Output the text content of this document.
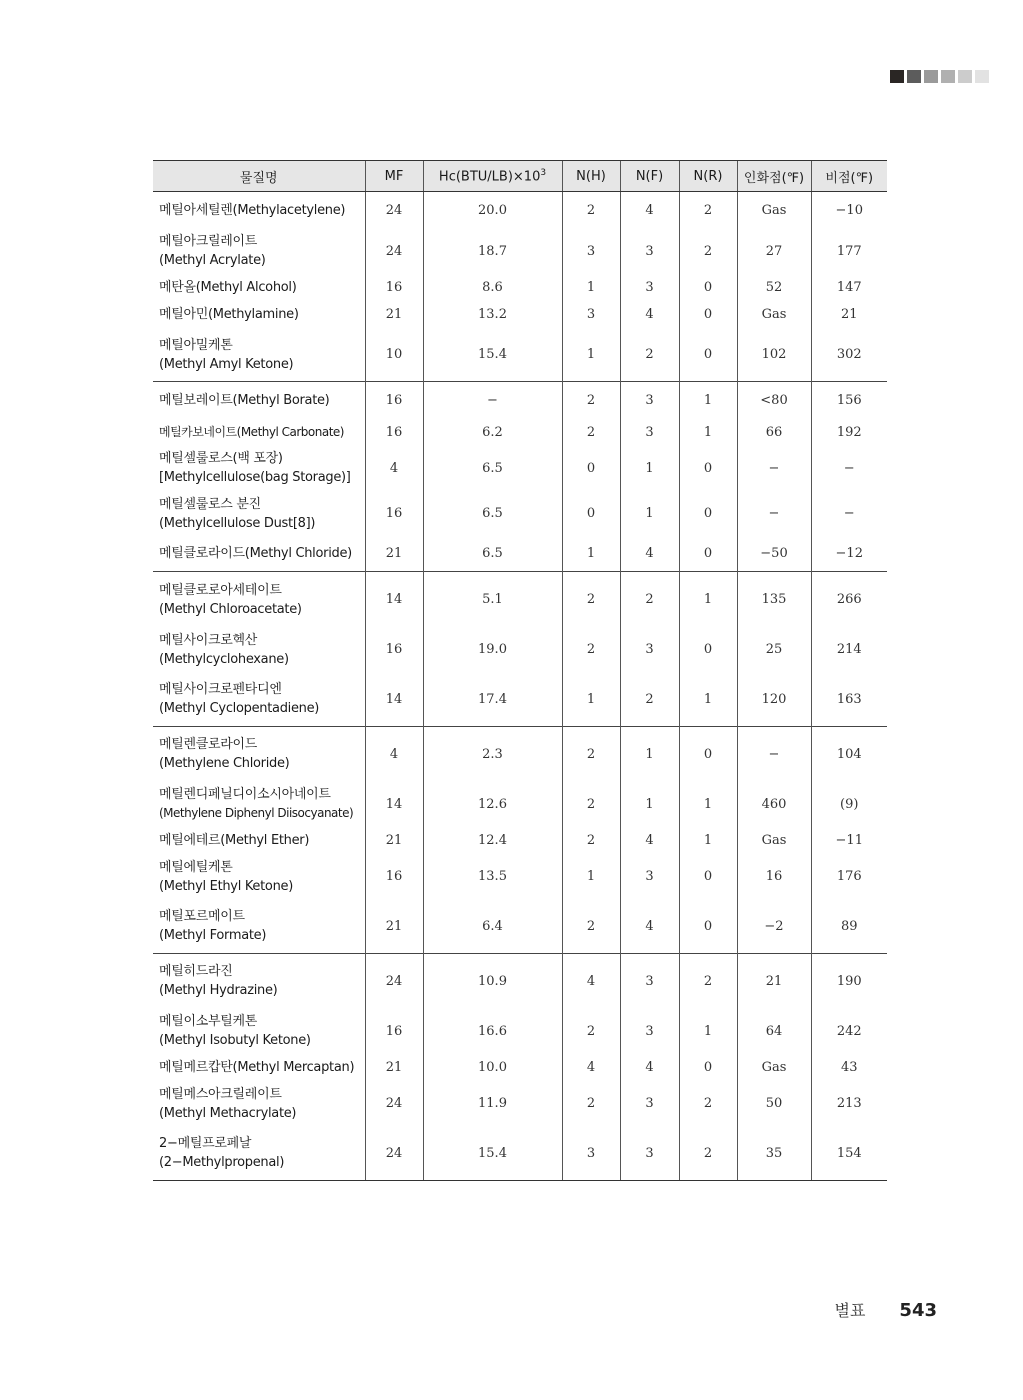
물질명	MF	$Hc(BTU/LB)\times 10^3$	N(H)	N(F)	N(R)	인화점(℉)	비점(℉)

메틸아세틸렌(Methylacetylene)	24	20.0	2	4	2	Gas	−10

메틸아크릴레이트
(Methyl Acrylate)	24	18.7	3	3	2	27	177

메탄올(Methyl Alcohol)	16	8.6	1	3	0	52	147

메틸아민(Methylamine)	21	13.2	3	4	0	Gas	21

메틸아밀케톤
(Methyl Amyl Ketone)	10	15.4	1	2	0	102	302

메틸보레이트(Methyl Borate)	16	−	2	3	1	<80	156

메틸카보네이트(Methyl Carbonate)	16	6.2	2	3	1	66	192

메틸셀룰로스(백 포장)
[Methylcellulose(bag Storage)]	4	6.5	0	1	0	−	−

메틸셀룰로스 분진
(Methylcellulose Dust[8])	16	6.5	0	1	0	−	−

메틸클로라이드(Methyl Chloride)	21	6.5	1	4	0	−50	−12

메틸클로로아세테이트
(Methyl Chloroacetate)	14	5.1	2	2	1	135	266

메틸사이크로헥산
(Methylcyclohexane)	16	19.0	2	3	0	25	214

메틸사이크로펜타디엔
(Methyl Cyclopentadiene)	14	17.4	1	2	1	120	163

메틸렌클로라이드
(Methylene Chloride)	4	2.3	2	1	0	−	104

메틸렌디페닐디이소시아네이트
(Methylene Diphenyl Diisocyanate)	14	12.6	2	1	1	460	(9)

메틸에테르(Methyl Ether)	21	12.4	2	4	1	Gas	−11

메틸에틸케톤
(Methyl Ethyl Ketone)	16	13.5	1	3	0	16	176

메틸포르메이트
(Methyl Formate)	21	6.4	2	4	0	−2	89

메틸히드라진
(Methyl Hydrazine)	24	10.9	4	3	2	21	190

메틸이소부틸케톤
(Methyl Isobutyl Ketone)	16	16.6	2	3	1	64	242

메틸메르캅탄(Methyl Mercaptan)	21	10.0	4	4	0	Gas	43

메틸메스아크릴레이트
(Methyl Methacrylate)	24	11.9	2	3	2	50	213

2−메틸프로페날
(2−Methylpropenal)	24	15.4	3	3	2	35	154
별표 543
